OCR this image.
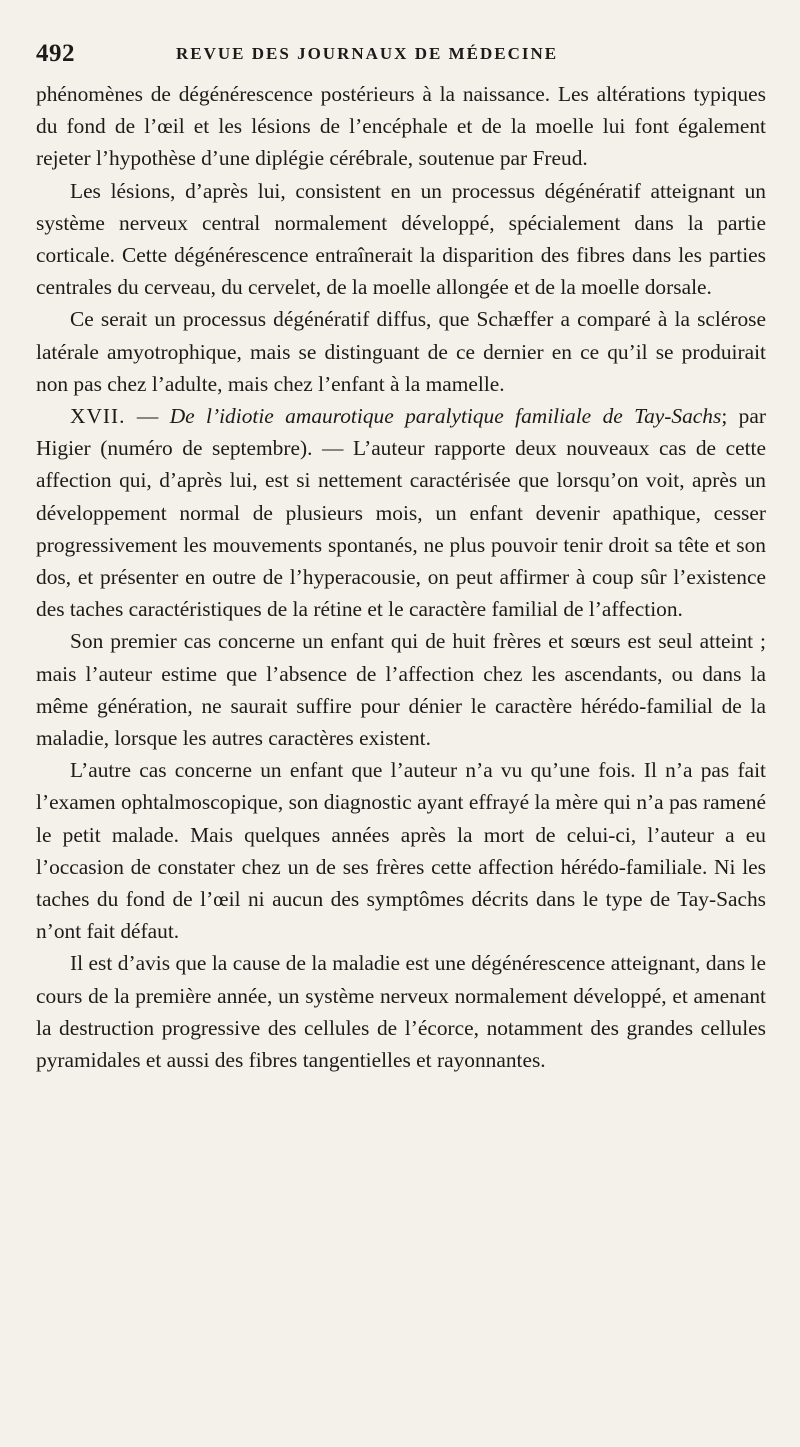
492	REVUE DES JOURNAUX DE MÉDECINE

phénomènes de dégénérescence postérieurs à la naissance. Les altérations typiques du fond de l’œil et les lésions de l’encéphale et de la moelle lui font également rejeter l’hypothèse d’une diplégie cérébrale, soutenue par Freud.

Les lésions, d’après lui, consistent en un processus dégénératif atteignant un système nerveux central normalement développé, spécialement dans la partie corticale. Cette dégénérescence entraînerait la disparition des fibres dans les parties centrales du cerveau, du cervelet, de la moelle allongée et de la moelle dorsale.

Ce serait un processus dégénératif diffus, que Schæffer a comparé à la sclérose latérale amyotrophique, mais se distinguant de ce dernier en ce qu’il se produirait non pas chez l’adulte, mais chez l’enfant à la mamelle.

XVII. — De l’idiotie amaurotique paralytique familiale de Tay-Sachs; par Higier (numéro de septembre). — L’auteur rapporte deux nouveaux cas de cette affection qui, d’après lui, est si nettement caractérisée que lorsqu’on voit, après un développement normal de plusieurs mois, un enfant devenir apathique, cesser progressivement les mouvements spontanés, ne plus pouvoir tenir droit sa tête et son dos, et présenter en outre de l’hyperacousie, on peut affirmer à coup sûr l’existence des taches caractéristiques de la rétine et le caractère familial de l’affection.

Son premier cas concerne un enfant qui de huit frères et sœurs est seul atteint ; mais l’auteur estime que l’absence de l’affection chez les ascendants, ou dans la même génération, ne saurait suffire pour dénier le caractère hérédo-familial de la maladie, lorsque les autres caractères existent.

L’autre cas concerne un enfant que l’auteur n’a vu qu’une fois. Il n’a pas fait l’examen ophtalmoscopique, son diagnostic ayant effrayé la mère qui n’a pas ramené le petit malade. Mais quelques années après la mort de celui-ci, l’auteur a eu l’occasion de constater chez un de ses frères cette affection hérédo-familiale. Ni les taches du fond de l’œil ni aucun des symptômes décrits dans le type de Tay-Sachs n’ont fait défaut.

Il est d’avis que la cause de la maladie est une dégénérescence atteignant, dans le cours de la première année, un système nerveux normalement développé, et amenant la destruction progressive des cellules de l’écorce, notamment des grandes cellules pyramidales et aussi des fibres tangentielles et rayonnantes.
